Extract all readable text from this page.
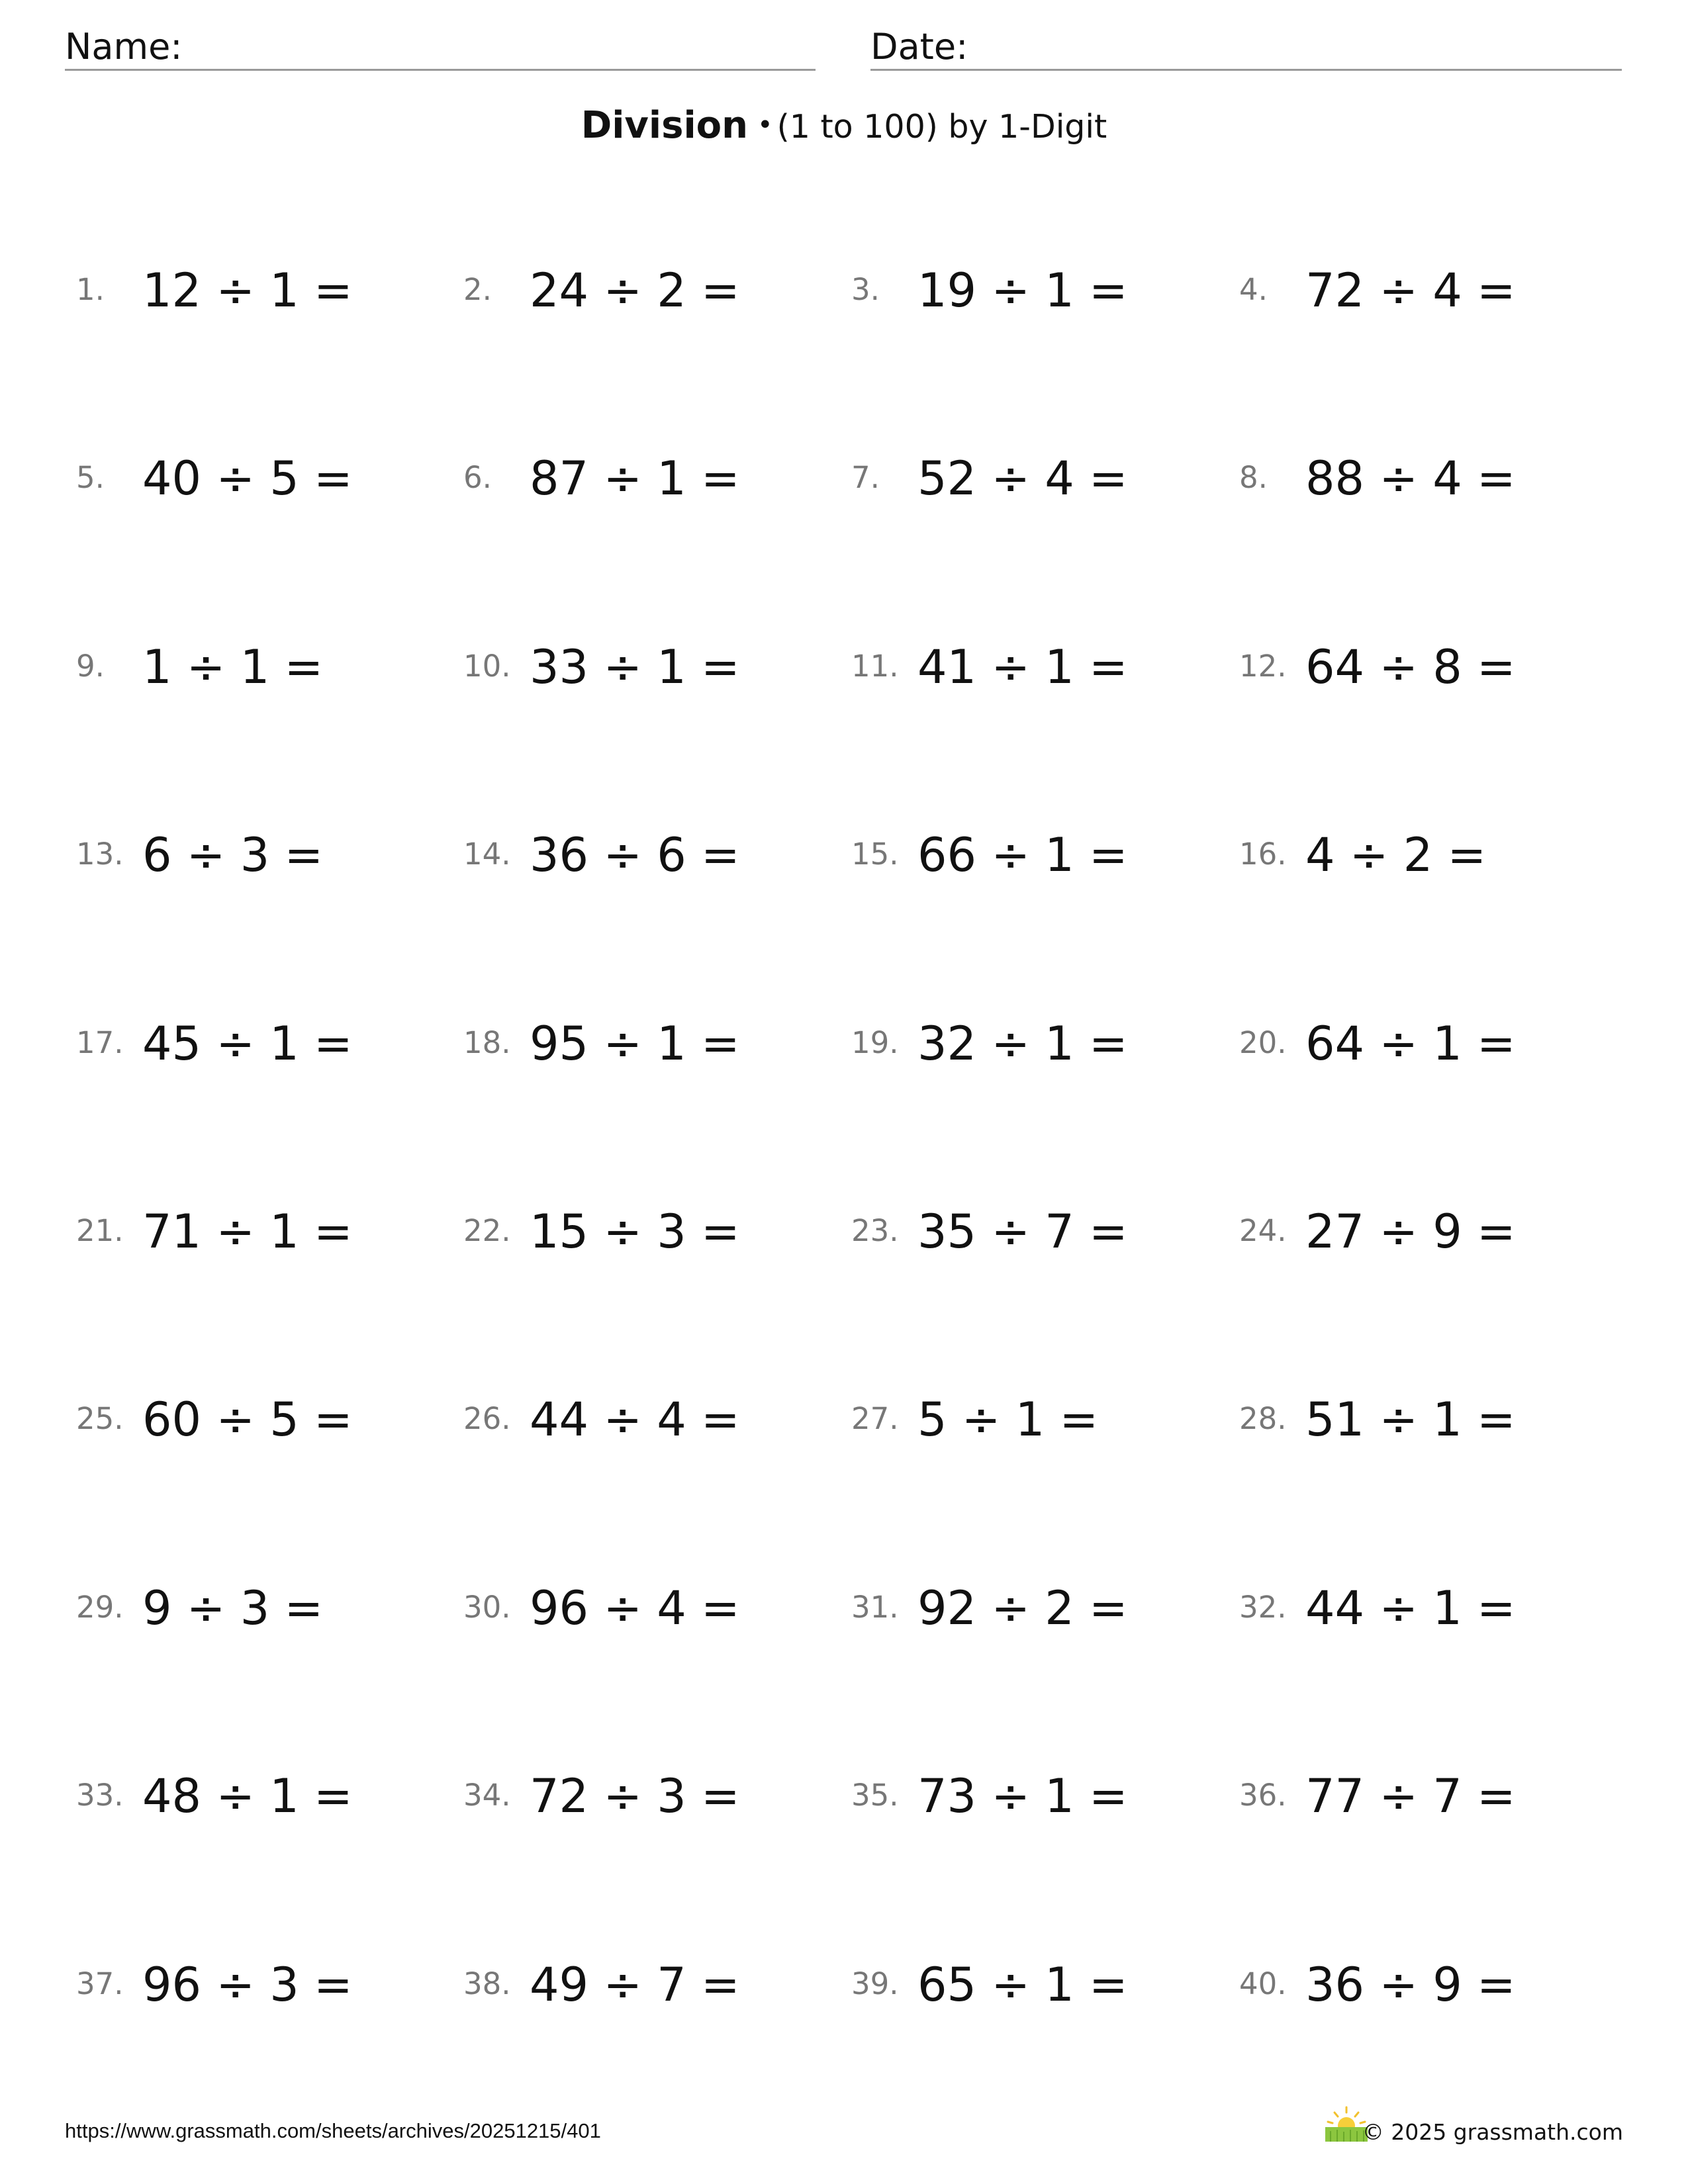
Name:	Date:
Division • (1 to 100) by 1-Digit
1. 12 ÷ 1 =	2. 24 ÷ 2 =	3. 19 ÷ 1 =	4. 72 ÷ 4 =
5. 40 ÷ 5 =	6. 87 ÷ 1 =	7. 52 ÷ 4 =	8. 88 ÷ 4 =
9. 1 ÷ 1 =	10. 33 ÷ 1 =	11. 41 ÷ 1 =	12. 64 ÷ 8 =
13. 6 ÷ 3 =	14. 36 ÷ 6 =	15. 66 ÷ 1 =	16. 4 ÷ 2 =
17. 45 ÷ 1 =	18. 95 ÷ 1 =	19. 32 ÷ 1 =	20. 64 ÷ 1 =
21. 71 ÷ 1 =	22. 15 ÷ 3 =	23. 35 ÷ 7 =	24. 27 ÷ 9 =
25. 60 ÷ 5 =	26. 44 ÷ 4 =	27. 5 ÷ 1 =	28. 51 ÷ 1 =
29. 9 ÷ 3 =	30. 96 ÷ 4 =	31. 92 ÷ 2 =	32. 44 ÷ 1 =
33. 48 ÷ 1 =	34. 72 ÷ 3 =	35. 73 ÷ 1 =	36. 77 ÷ 7 =
37. 96 ÷ 3 =	38. 49 ÷ 7 =	39. 65 ÷ 1 =	40. 36 ÷ 9 =
https://www.grassmath.com/sheets/archives/20251215/401	© 2025 grassmath.com
